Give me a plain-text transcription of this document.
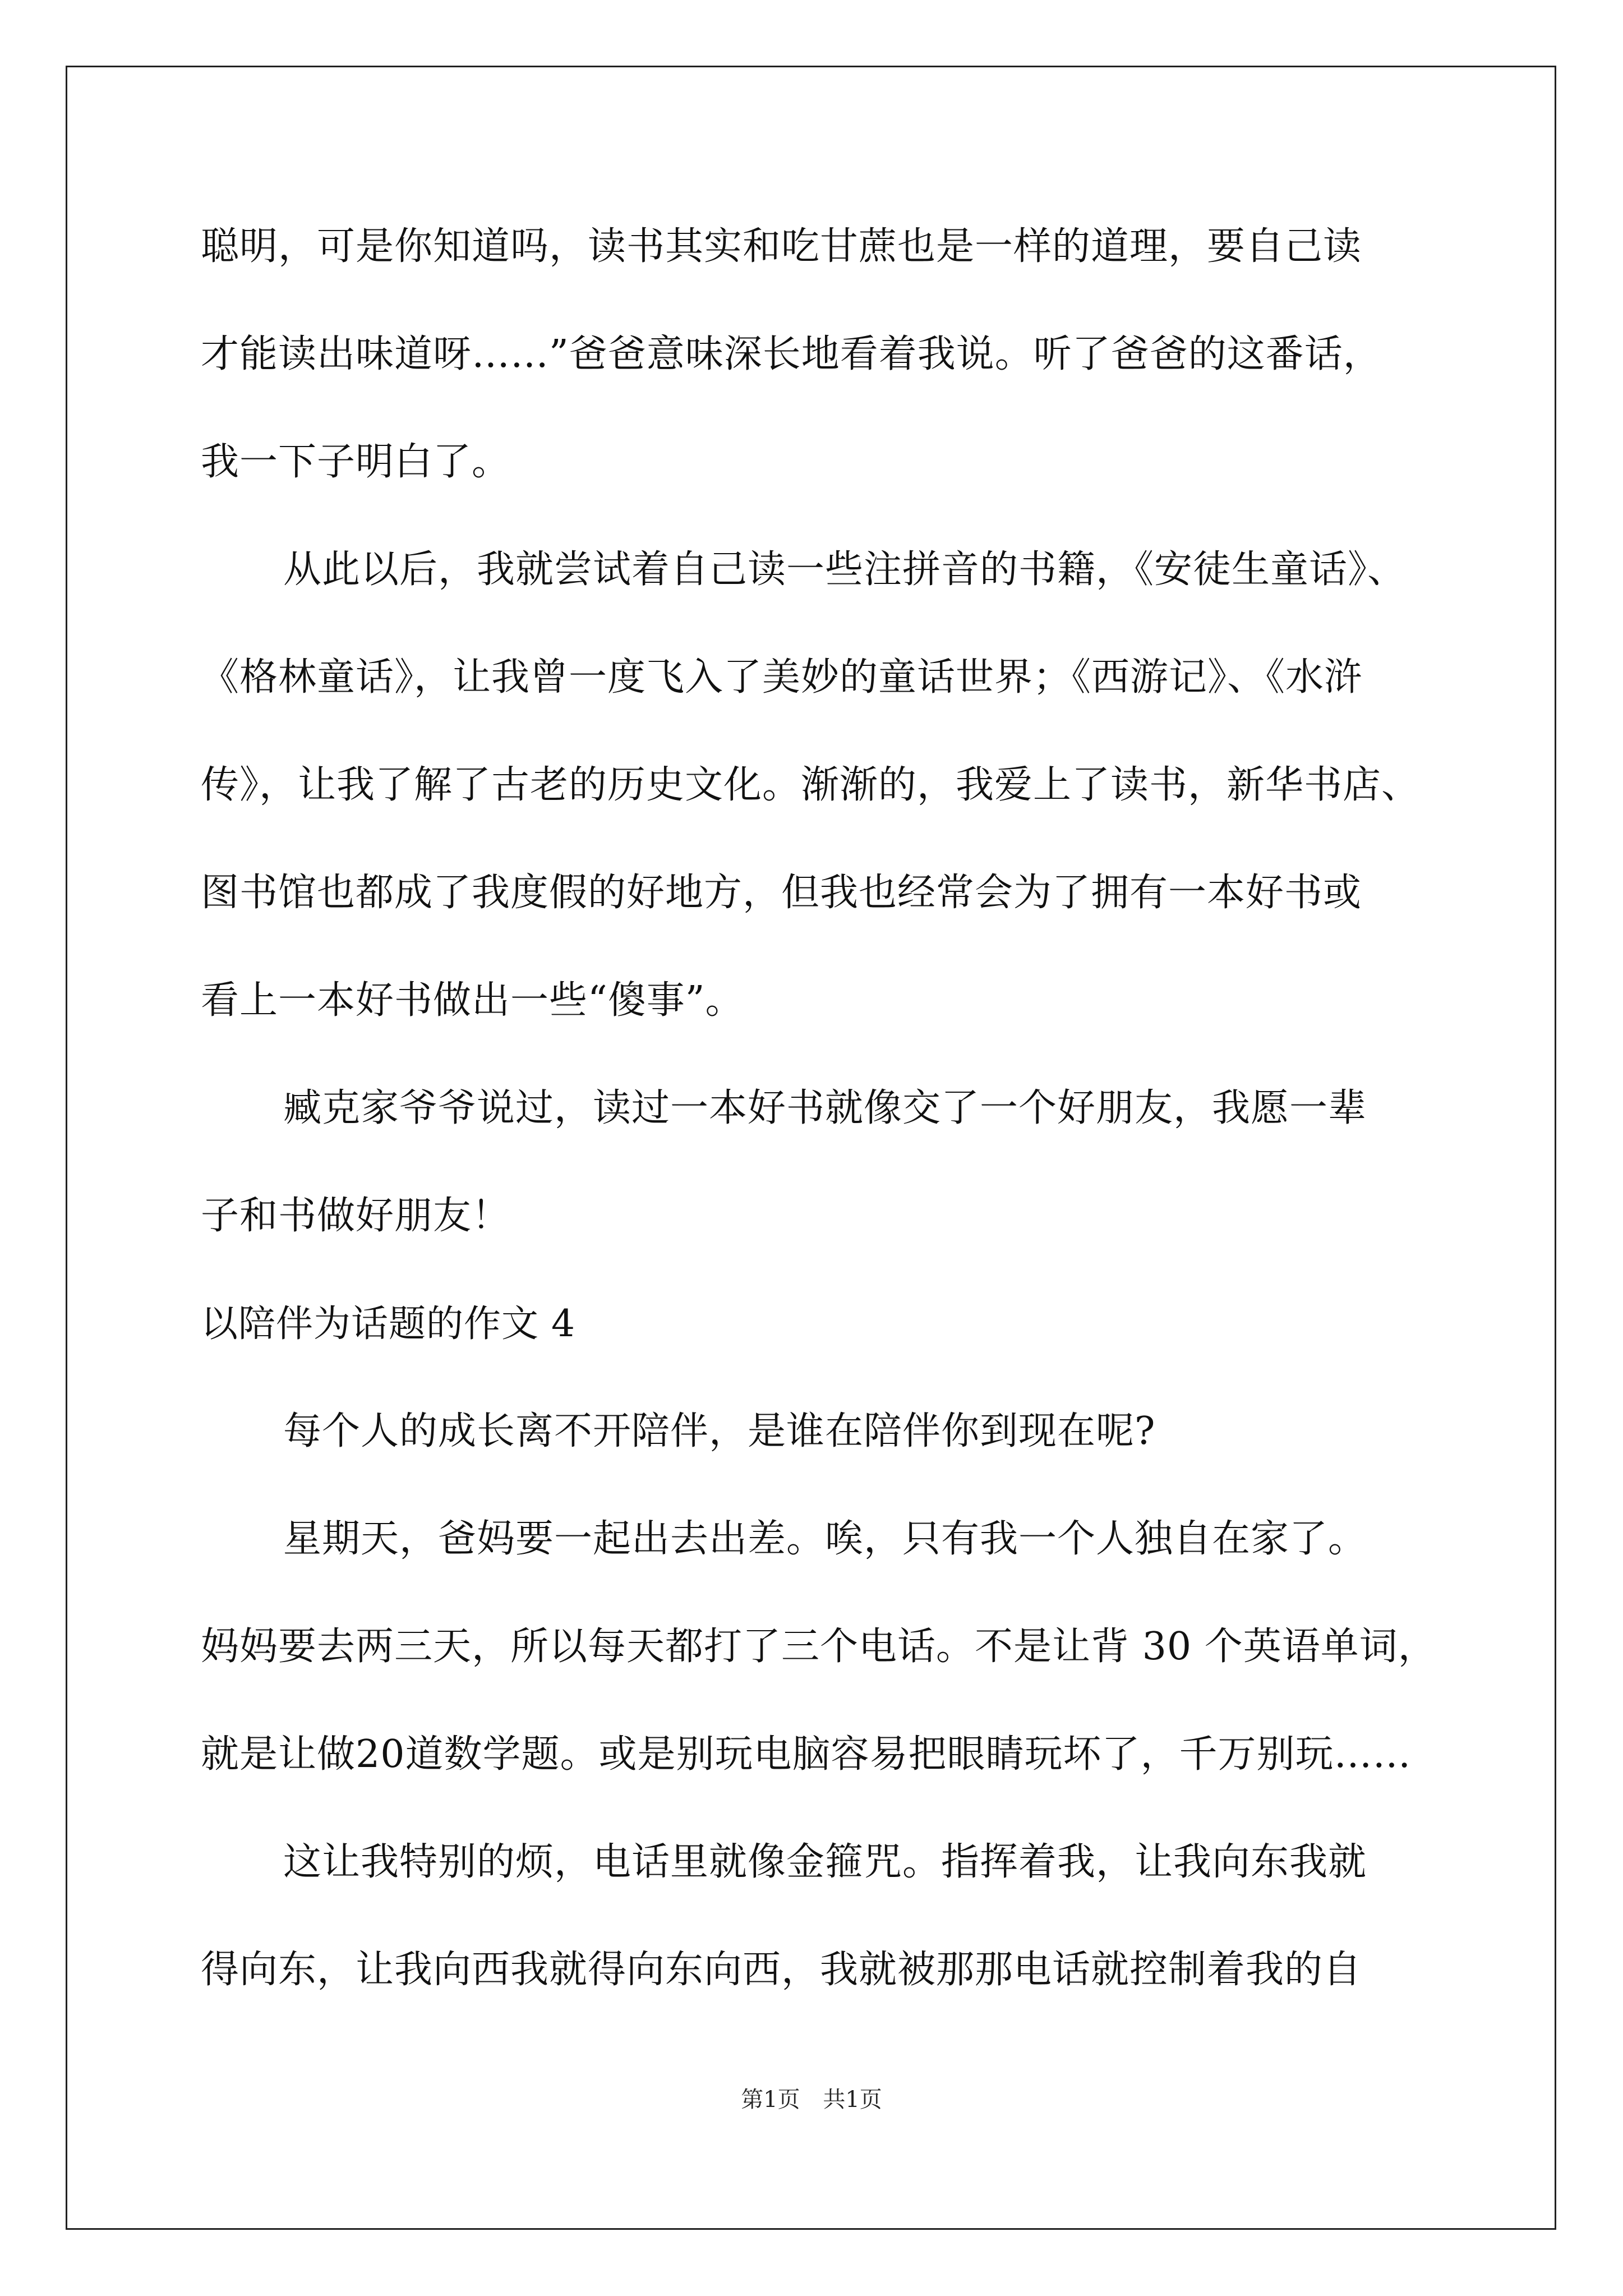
聪明，可是你知道吗，读书其实和吃甘蔗也是一样的道理，要自己读
才能读出味道呀……”爸爸意味深长地看着我说。听了爸爸的这番话，
我一下子明白了。
从此以后，我就尝试着自己读一些注拼音的书籍，《安徒生童话》、
《格林童话》，让我曾一度飞入了美妙的童话世界；《西游记》、《水浒
传》，让我了解了古老的历史文化。渐渐的，我爱上了读书，新华书店、
图书馆也都成了我度假的好地方，但我也经常会为了拥有一本好书或
看上一本好书做出一些“傻事”。
臧克家爷爷说过，读过一本好书就像交了一个好朋友，我愿一辈
子和书做好朋友！
以陪伴为话题的作文 4
每个人的成长离不开陪伴，是谁在陪伴你到现在呢?
星期天，爸妈要一起出去出差。唉，只有我一个人独自在家了。
妈妈要去两三天，所以每天都打了三个电话。不是让背 30 个英语单词，
就是让做20道数学题。或是别玩电脑容易把眼睛玩坏了，千万别玩……
这让我特别的烦，电话里就像金箍咒。指挥着我，让我向东我就
得向东，让我向西我就得向东向西，我就被那那电话就控制着我的自
第1页 共1页
